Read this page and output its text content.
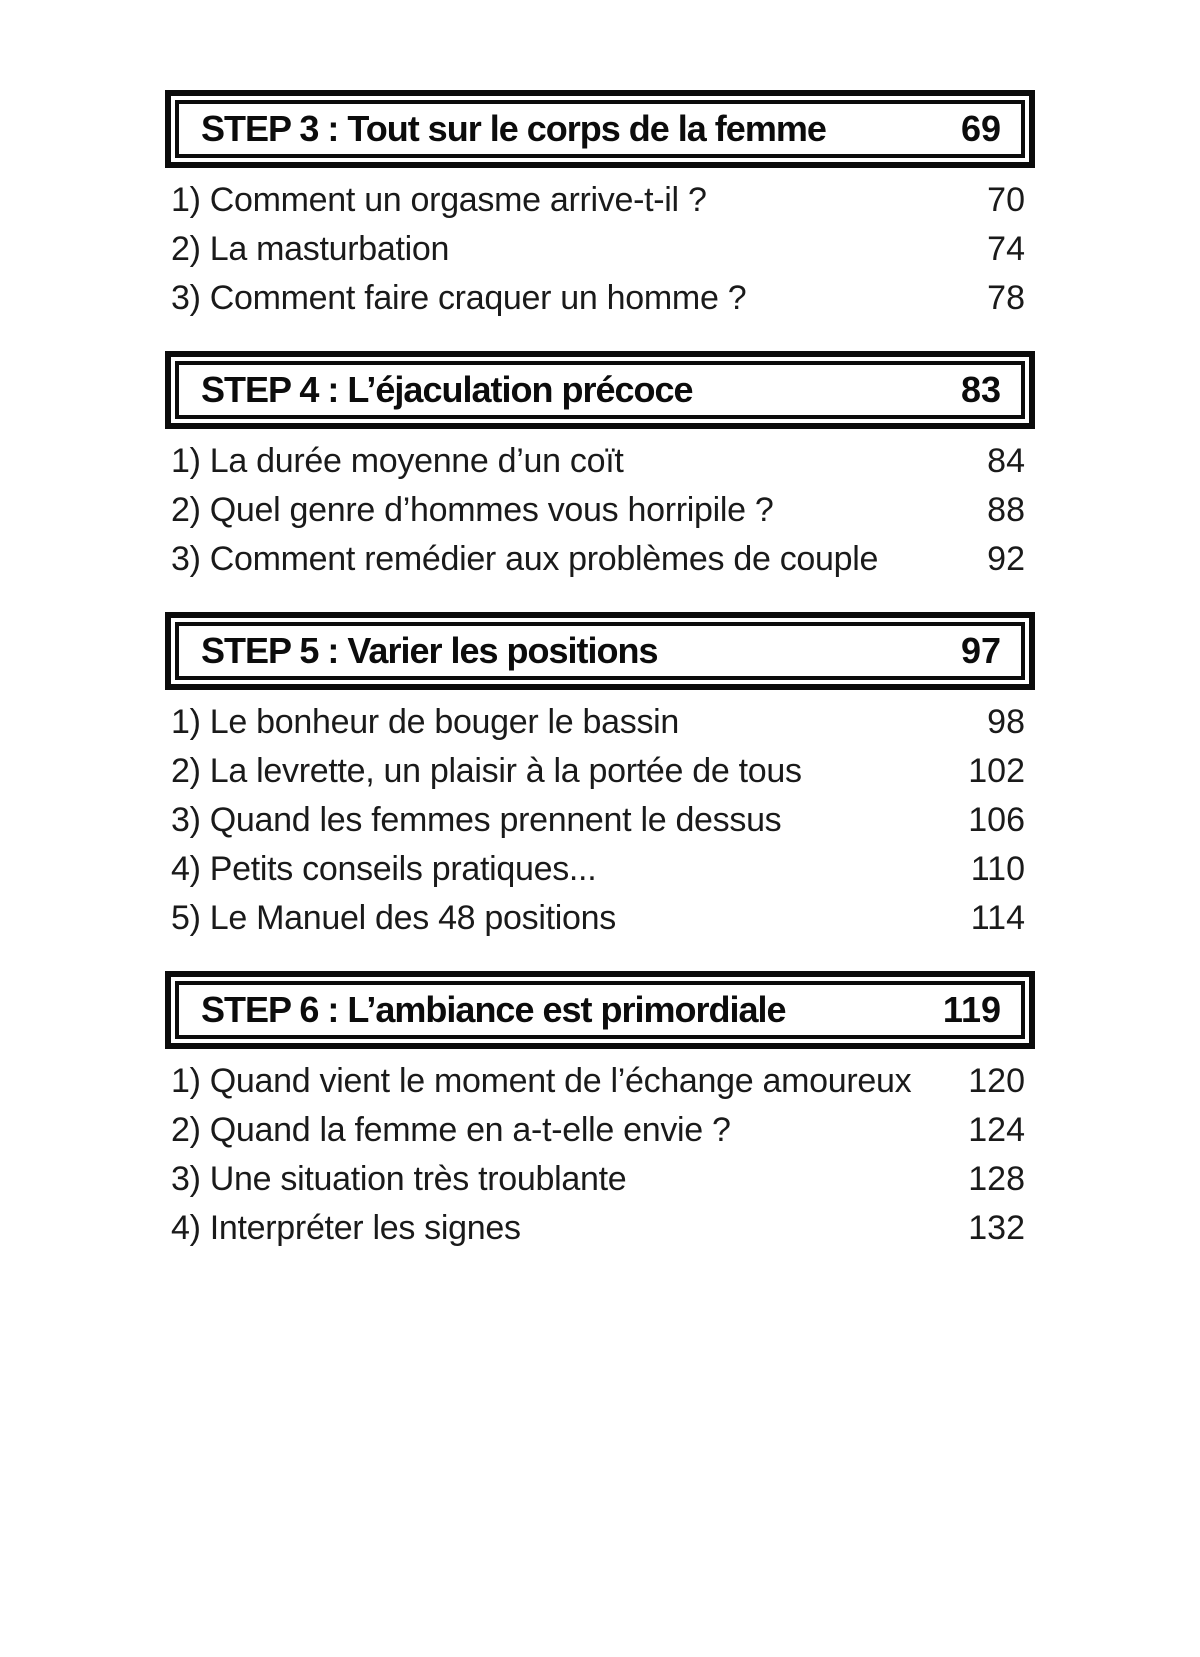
STEP 3 : Tout sur le corps de la femme	69
1) Comment un orgasme arrive-t-il ?	70
2) La masturbation	74
3) Comment faire craquer un homme ?	78
STEP 4 : L’éjaculation précoce	83
1) La durée moyenne d’un coït	84
2) Quel genre d’hommes vous horripile ?	88
3) Comment remédier aux problèmes de couple	92
STEP 5 : Varier les positions	97
1) Le bonheur de bouger le bassin	98
2) La levrette, un plaisir à la portée de tous	102
3) Quand les femmes prennent le dessus	106
4) Petits conseils pratiques...	110
5) Le Manuel des 48 positions	114
STEP 6 : L’ambiance est primordiale	119
1) Quand vient le moment de l’échange amoureux 120
2) Quand la femme en a-t-elle envie ?	124
3) Une situation très troublante	128
4) Interpréter les signes	132
